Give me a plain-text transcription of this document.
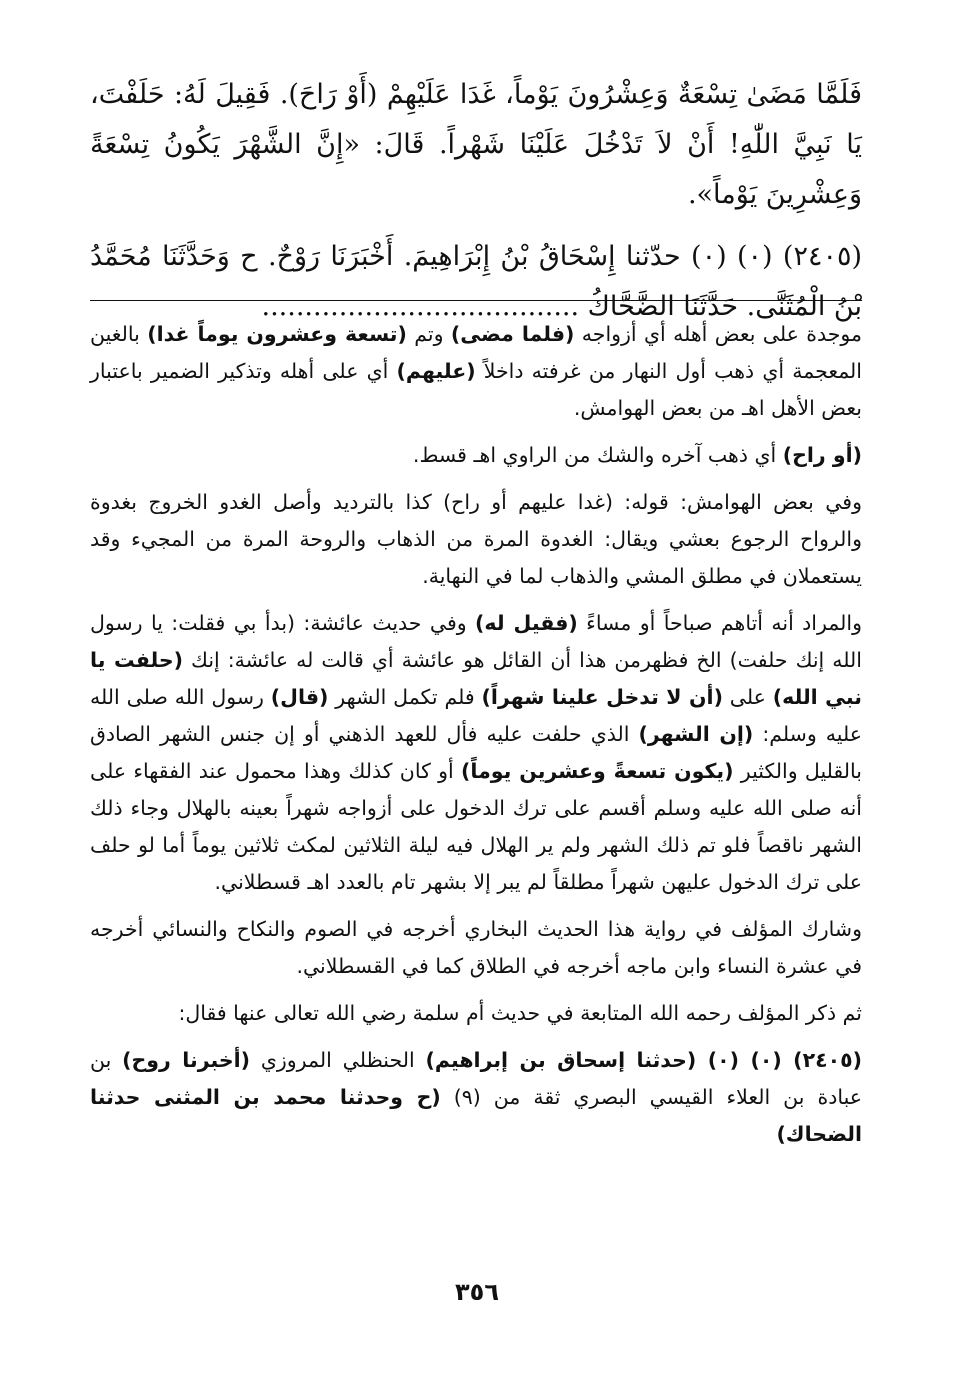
فَلَمَّا مَضَىٰ تِسْعَةٌ وَعِشْرُونَ يَوْماً، غَدَا عَلَيْهِمْ (أَوْ رَاحَ). فَقِيلَ لَهُ: حَلَفْتَ، يَا نَبِيَّ اللّٰهِ! أَنْ لاَ تَدْخُلَ عَلَيْنَا شَهْراً. قَالَ: «إِنَّ الشَّهْرَ يَكُونُ تِسْعَةً وَعِشْرِينَ يَوْماً».

(٢٤٠٥) (٠) (٠) حدّثنا إِسْحَاقُ بْنُ إِبْرَاهِيمَ. أَخْبَرَنَا رَوْحٌ. ح وَحَدَّثَنَا مُحَمَّدُ بْنُ الْمُثَنَّى. حَدَّثَنَا الضَّحَّاكُ .....................................

موجدة على بعض أهله أي أزواجه (فلما مضى) وتم (تسعة وعشرون يوماً غدا) بالغين المعجمة أي ذهب أول النهار من غرفته داخلاً (عليهم) أي على أهله وتذكير الضمير باعتبار بعض الأهل اهـ من بعض الهوامش.

(أو راح) أي ذهب آخره والشك من الراوي اهـ قسط.

وفي بعض الهوامش: قوله: (غدا عليهم أو راح) كذا بالترديد وأصل الغدو الخروج بغدوة والرواح الرجوع بعشي ويقال: الغدوة المرة من الذهاب والروحة المرة من المجيء وقد يستعملان في مطلق المشي والذهاب لما في النهاية.

والمراد أنه أتاهم صباحاً أو مساءً (فقيل له) وفي حديث عائشة: (بدأ بي فقلت: يا رسول الله إنك حلفت) الخ فظهرمن هذا أن القائل هو عائشة أي قالت له عائشة: إنك (حلفت يا نبي الله) على (أن لا تدخل علينا شهراً) فلم تكمل الشهر (قال) رسول الله صلى الله عليه وسلم: (إن الشهر) الذي حلفت عليه فأل للعهد الذهني أو إن جنس الشهر الصادق بالقليل والكثير (يكون تسعةً وعشرين يوماً) أو كان كذلك وهذا محمول عند الفقهاء على أنه صلى الله عليه وسلم أقسم على ترك الدخول على أزواجه شهراً بعينه بالهلال وجاء ذلك الشهر ناقصاً فلو تم ذلك الشهر ولم ير الهلال فيه ليلة الثلاثين لمكث ثلاثين يوماً أما لو حلف على ترك الدخول عليهن شهراً مطلقاً لم يبر إلا بشهر تام بالعدد اهـ قسطلاني.

وشارك المؤلف في رواية هذا الحديث البخاري أخرجه في الصوم والنكاح والنسائي أخرجه في عشرة النساء وابن ماجه أخرجه في الطلاق كما في القسطلاني.

ثم ذكر المؤلف رحمه الله المتابعة في حديث أم سلمة رضي الله تعالى عنها فقال:

(٢٤٠٥) (٠) (٠) (حدثنا إسحاق بن إبراهيم) الحنظلي المروزي (أخبرنا روح) بن عبادة بن العلاء القيسي البصري ثقة من (٩) (ح وحدثنا محمد بن المثنى حدثنا الضحاك)

٣٥٦
